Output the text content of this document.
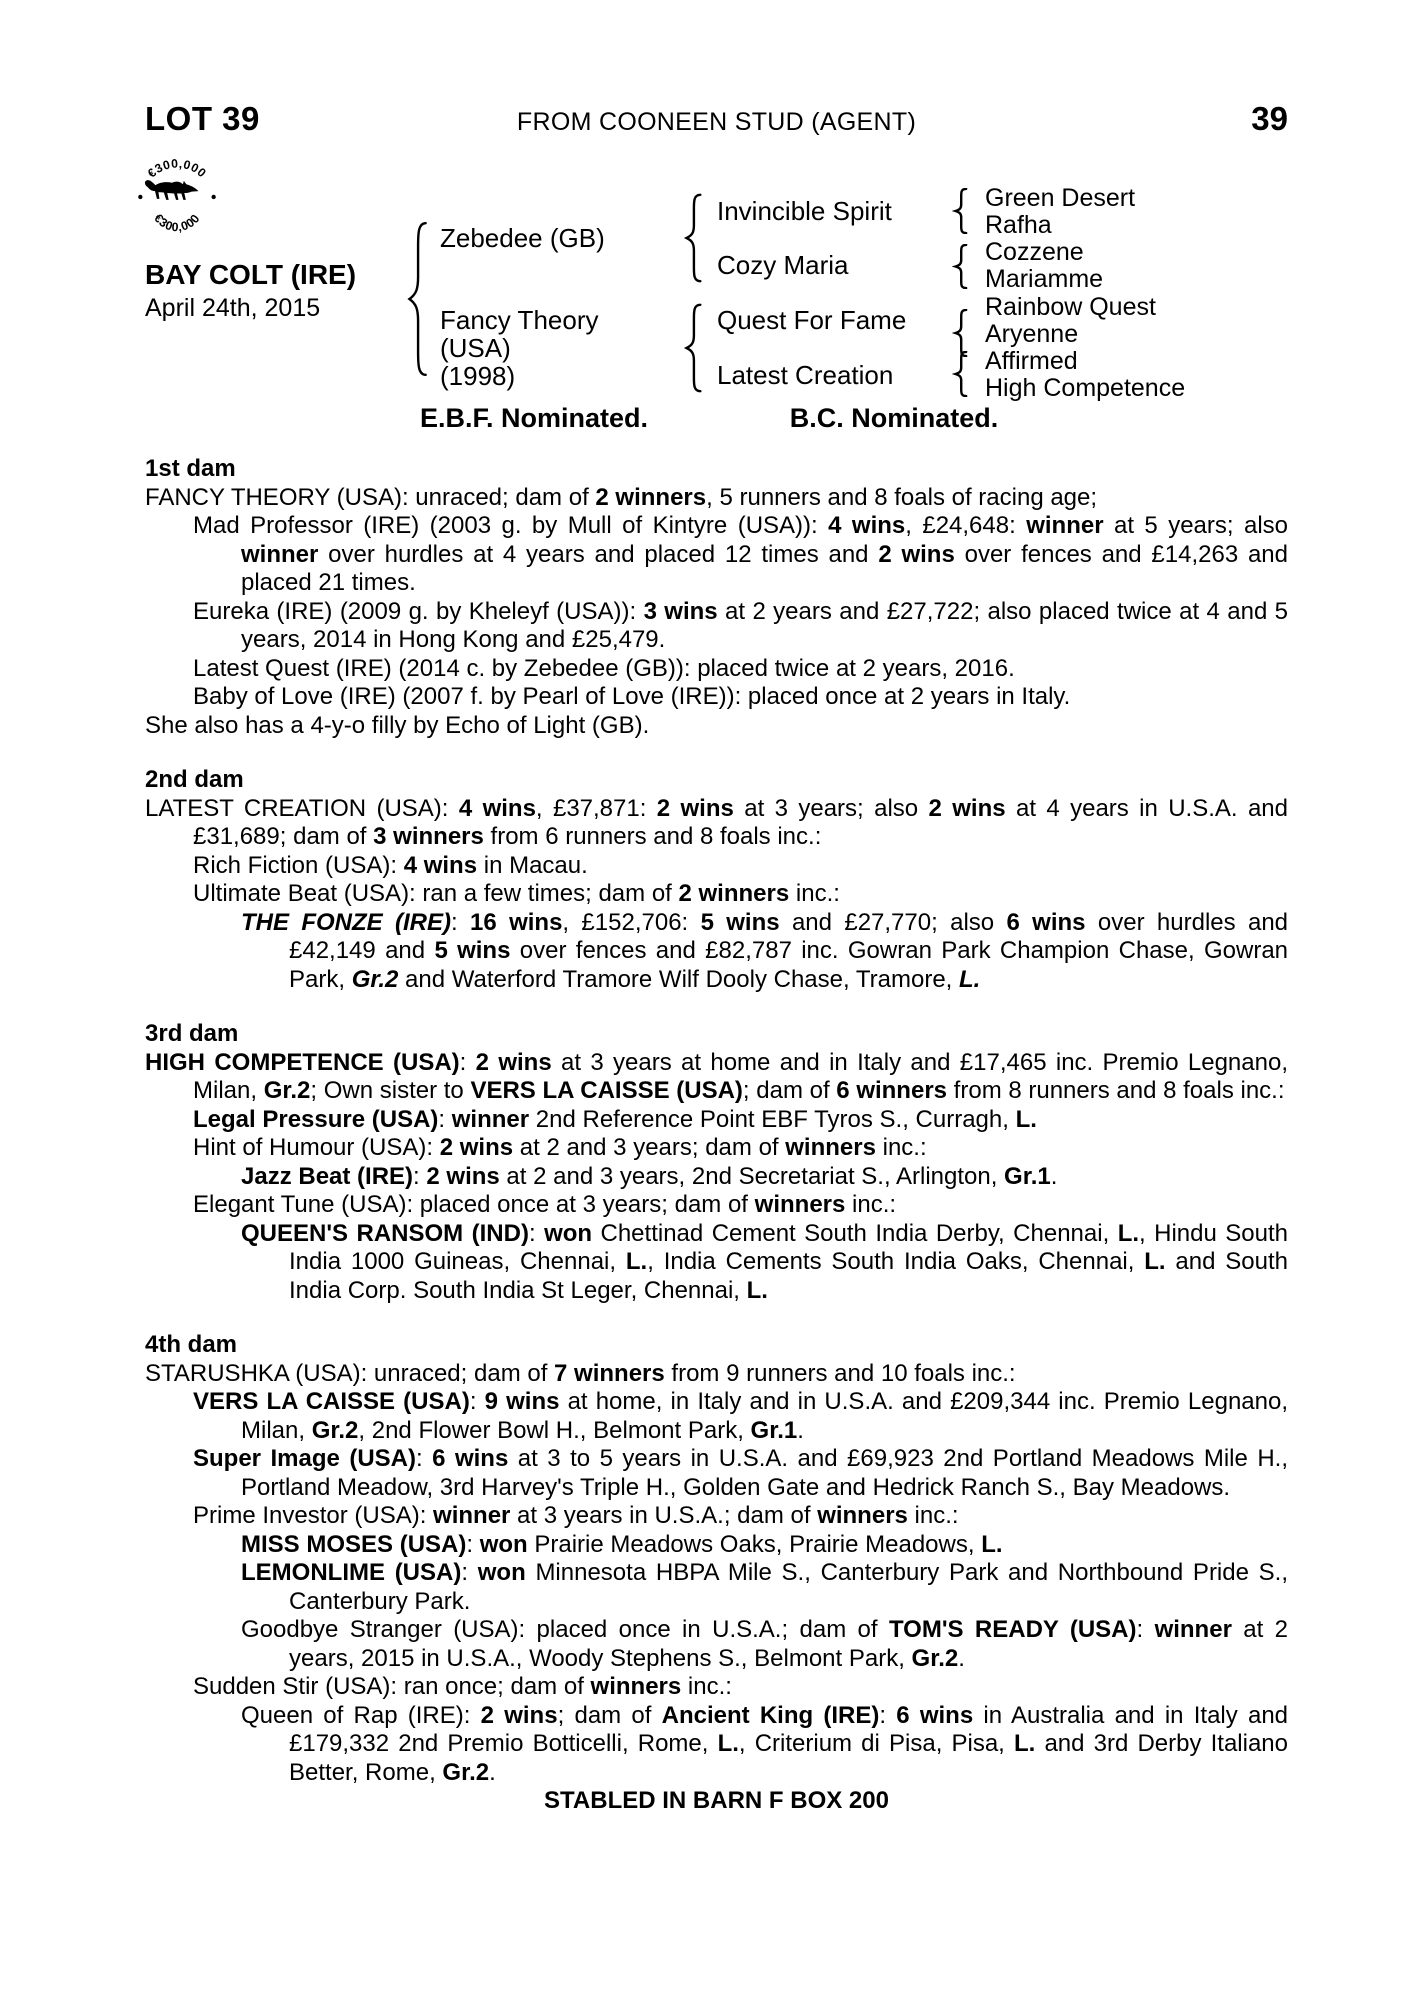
LOT 39	FROM COONEEN STUD (AGENT)	39
€300,000
€300,000
BAY COLT (IRE)
April 24th, 2015
Zebedee (GB)
Fancy Theory
(USA)
(1998)
Invincible Spirit
Cozy Maria
Quest For Fame
Latest Creation
Green Desert
Rafha
Cozzene
Mariamme
Rainbow Quest
Aryenne
Affirmed
High Competence
E.B.F. Nominated.	B.C. Nominated.
1st dam
FANCY THEORY (USA): unraced; dam of 2 winners, 5 runners and 8 foals of racing age;
Mad Professor (IRE) (2003 g. by Mull of Kintyre (USA)): 4 wins, £24,648: winner at 5 years; also winner over hurdles at 4 years and placed 12 times and 2 wins over fences and £14,263 and placed 21 times.
Eureka (IRE) (2009 g. by Kheleyf (USA)): 3 wins at 2 years and £27,722; also placed twice at 4 and 5 years, 2014 in Hong Kong and £25,479.
Latest Quest (IRE) (2014 c. by Zebedee (GB)): placed twice at 2 years, 2016.
Baby of Love (IRE) (2007 f. by Pearl of Love (IRE)): placed once at 2 years in Italy.
She also has a 4-y-o filly by Echo of Light (GB).
2nd dam
LATEST CREATION (USA): 4 wins, £37,871: 2 wins at 3 years; also 2 wins at 4 years in U.S.A. and £31,689; dam of 3 winners from 6 runners and 8 foals inc.:
Rich Fiction (USA): 4 wins in Macau.
Ultimate Beat (USA): ran a few times; dam of 2 winners inc.:
THE FONZE (IRE): 16 wins, £152,706: 5 wins and £27,770; also 6 wins over hurdles and £42,149 and 5 wins over fences and £82,787 inc. Gowran Park Champion Chase, Gowran Park, Gr.2 and Waterford Tramore Wilf Dooly Chase, Tramore, L.
3rd dam
HIGH COMPETENCE (USA): 2 wins at 3 years at home and in Italy and £17,465 inc. Premio Legnano, Milan, Gr.2; Own sister to VERS LA CAISSE (USA); dam of 6 winners from 8 runners and 8 foals inc.:
Legal Pressure (USA): winner 2nd Reference Point EBF Tyros S., Curragh, L.
Hint of Humour (USA): 2 wins at 2 and 3 years; dam of winners inc.:
Jazz Beat (IRE): 2 wins at 2 and 3 years, 2nd Secretariat S., Arlington, Gr.1.
Elegant Tune (USA): placed once at 3 years; dam of winners inc.:
QUEEN'S RANSOM (IND): won Chettinad Cement South India Derby, Chennai, L., Hindu South India 1000 Guineas, Chennai, L., India Cements South India Oaks, Chennai, L. and South India Corp. South India St Leger, Chennai, L.
4th dam
STARUSHKA (USA): unraced; dam of 7 winners from 9 runners and 10 foals inc.:
VERS LA CAISSE (USA): 9 wins at home, in Italy and in U.S.A. and £209,344 inc. Premio Legnano, Milan, Gr.2, 2nd Flower Bowl H., Belmont Park, Gr.1.
Super Image (USA): 6 wins at 3 to 5 years in U.S.A. and £69,923 2nd Portland Meadows Mile H., Portland Meadow, 3rd Harvey's Triple H., Golden Gate and Hedrick Ranch S., Bay Meadows.
Prime Investor (USA): winner at 3 years in U.S.A.; dam of winners inc.:
MISS MOSES (USA): won Prairie Meadows Oaks, Prairie Meadows, L.
LEMONLIME (USA): won Minnesota HBPA Mile S., Canterbury Park and Northbound Pride S., Canterbury Park.
Goodbye Stranger (USA): placed once in U.S.A.; dam of TOM'S READY (USA): winner at 2 years, 2015 in U.S.A., Woody Stephens S., Belmont Park, Gr.2.
Sudden Stir (USA): ran once; dam of winners inc.:
Queen of Rap (IRE): 2 wins; dam of Ancient King (IRE): 6 wins in Australia and in Italy and £179,332 2nd Premio Botticelli, Rome, L., Criterium di Pisa, Pisa, L. and 3rd Derby Italiano Better, Rome, Gr.2.
STABLED IN BARN F BOX 200
